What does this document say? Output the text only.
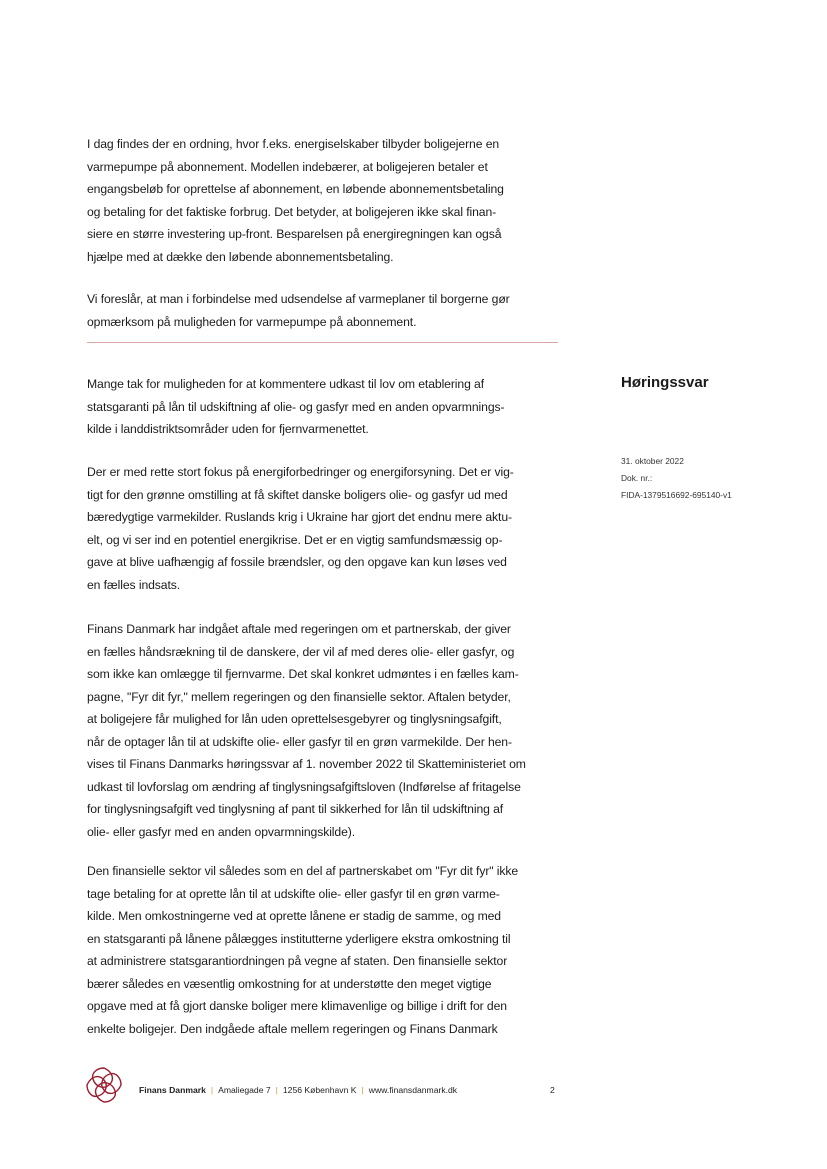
I dag findes der en ordning, hvor f.eks. energiselskaber tilbyder boligejerne en
varmepumpe på abonnement. Modellen indebærer, at boligejeren betaler et
engangsbeløb for oprettelse af abonnement, en løbende abonnementsbetaling
og betaling for det faktiske forbrug. Det betyder, at boligejeren ikke skal finan-
siere en større investering up-front. Besparelsen på energiregningen kan også
hjælpe med at dække den løbende abonnementsbetaling.
Vi foreslår, at man i forbindelse med udsendelse af varmeplaner til borgerne gør
opmærksom på muligheden for varmepumpe på abonnement.
Høringssvar
31. oktober 2022
Dok. nr.:
FIDA-1379516692-695140-v1
Mange tak for muligheden for at kommentere udkast til lov om etablering af
statsgaranti på lån til udskiftning af olie- og gasfyr med en anden opvarmnings-
kilde i landdistriktsområder uden for fjernvarmenettet.
Der er med rette stort fokus på energiforbedringer og energiforsyning. Det er vig-
tigt for den grønne omstilling at få skiftet danske boligers olie- og gasfyr ud med
bæredygtige varmekilder. Ruslands krig i Ukraine har gjort det endnu mere aktu-
elt, og vi ser ind en potentiel energikrise. Det er en vigtig samfundsmæssig op-
gave at blive uafhængig af fossile brændsler, og den opgave kan kun løses ved
en fælles indsats.
Finans Danmark har indgået aftale med regeringen om et partnerskab, der giver
en fælles håndsrækning til de danskere, der vil af med deres olie- eller gasfyr, og
som ikke kan omlægge til fjernvarme. Det skal konkret udmøntes i en fælles kam-
pagne, "Fyr dit fyr," mellem regeringen og den finansielle sektor. Aftalen betyder,
at boligejere får mulighed for lån uden oprettelsesgebyrer og tinglysningsafgift,
når de optager lån til at udskifte olie- eller gasfyr til en grøn varmekilde. Der hen-
vises til Finans Danmarks høringssvar af 1. november 2022 til Skatteministeriet om
udkast til lovforslag om ændring af tinglysningsafgiftsloven (Indførelse af fritagelse
for tinglysningsafgift ved tinglysning af pant til sikkerhed for lån til udskiftning af
olie- eller gasfyr med en anden opvarmningskilde).
Den finansielle sektor vil således som en del af partnerskabet om "Fyr dit fyr" ikke
tage betaling for at oprette lån til at udskifte olie- eller gasfyr til en grøn varme-
kilde. Men omkostningerne ved at oprette lånene er stadig de samme, og med
en statsgaranti på lånene pålægges institutterne yderligere ekstra omkostning til
at administrere statsgarantiordningen på vegne af staten. Den finansielle sektor
bærer således en væsentlig omkostning for at understøtte den meget vigtige
opgave med at få gjort danske boliger mere klimavenlige og billige i drift for den
enkelte boligejer. Den indgåede aftale mellem regeringen og Finans Danmark
Finans Danmark | Amaliegade 7 | 1256 København K | www.finansdanmark.dk	2
